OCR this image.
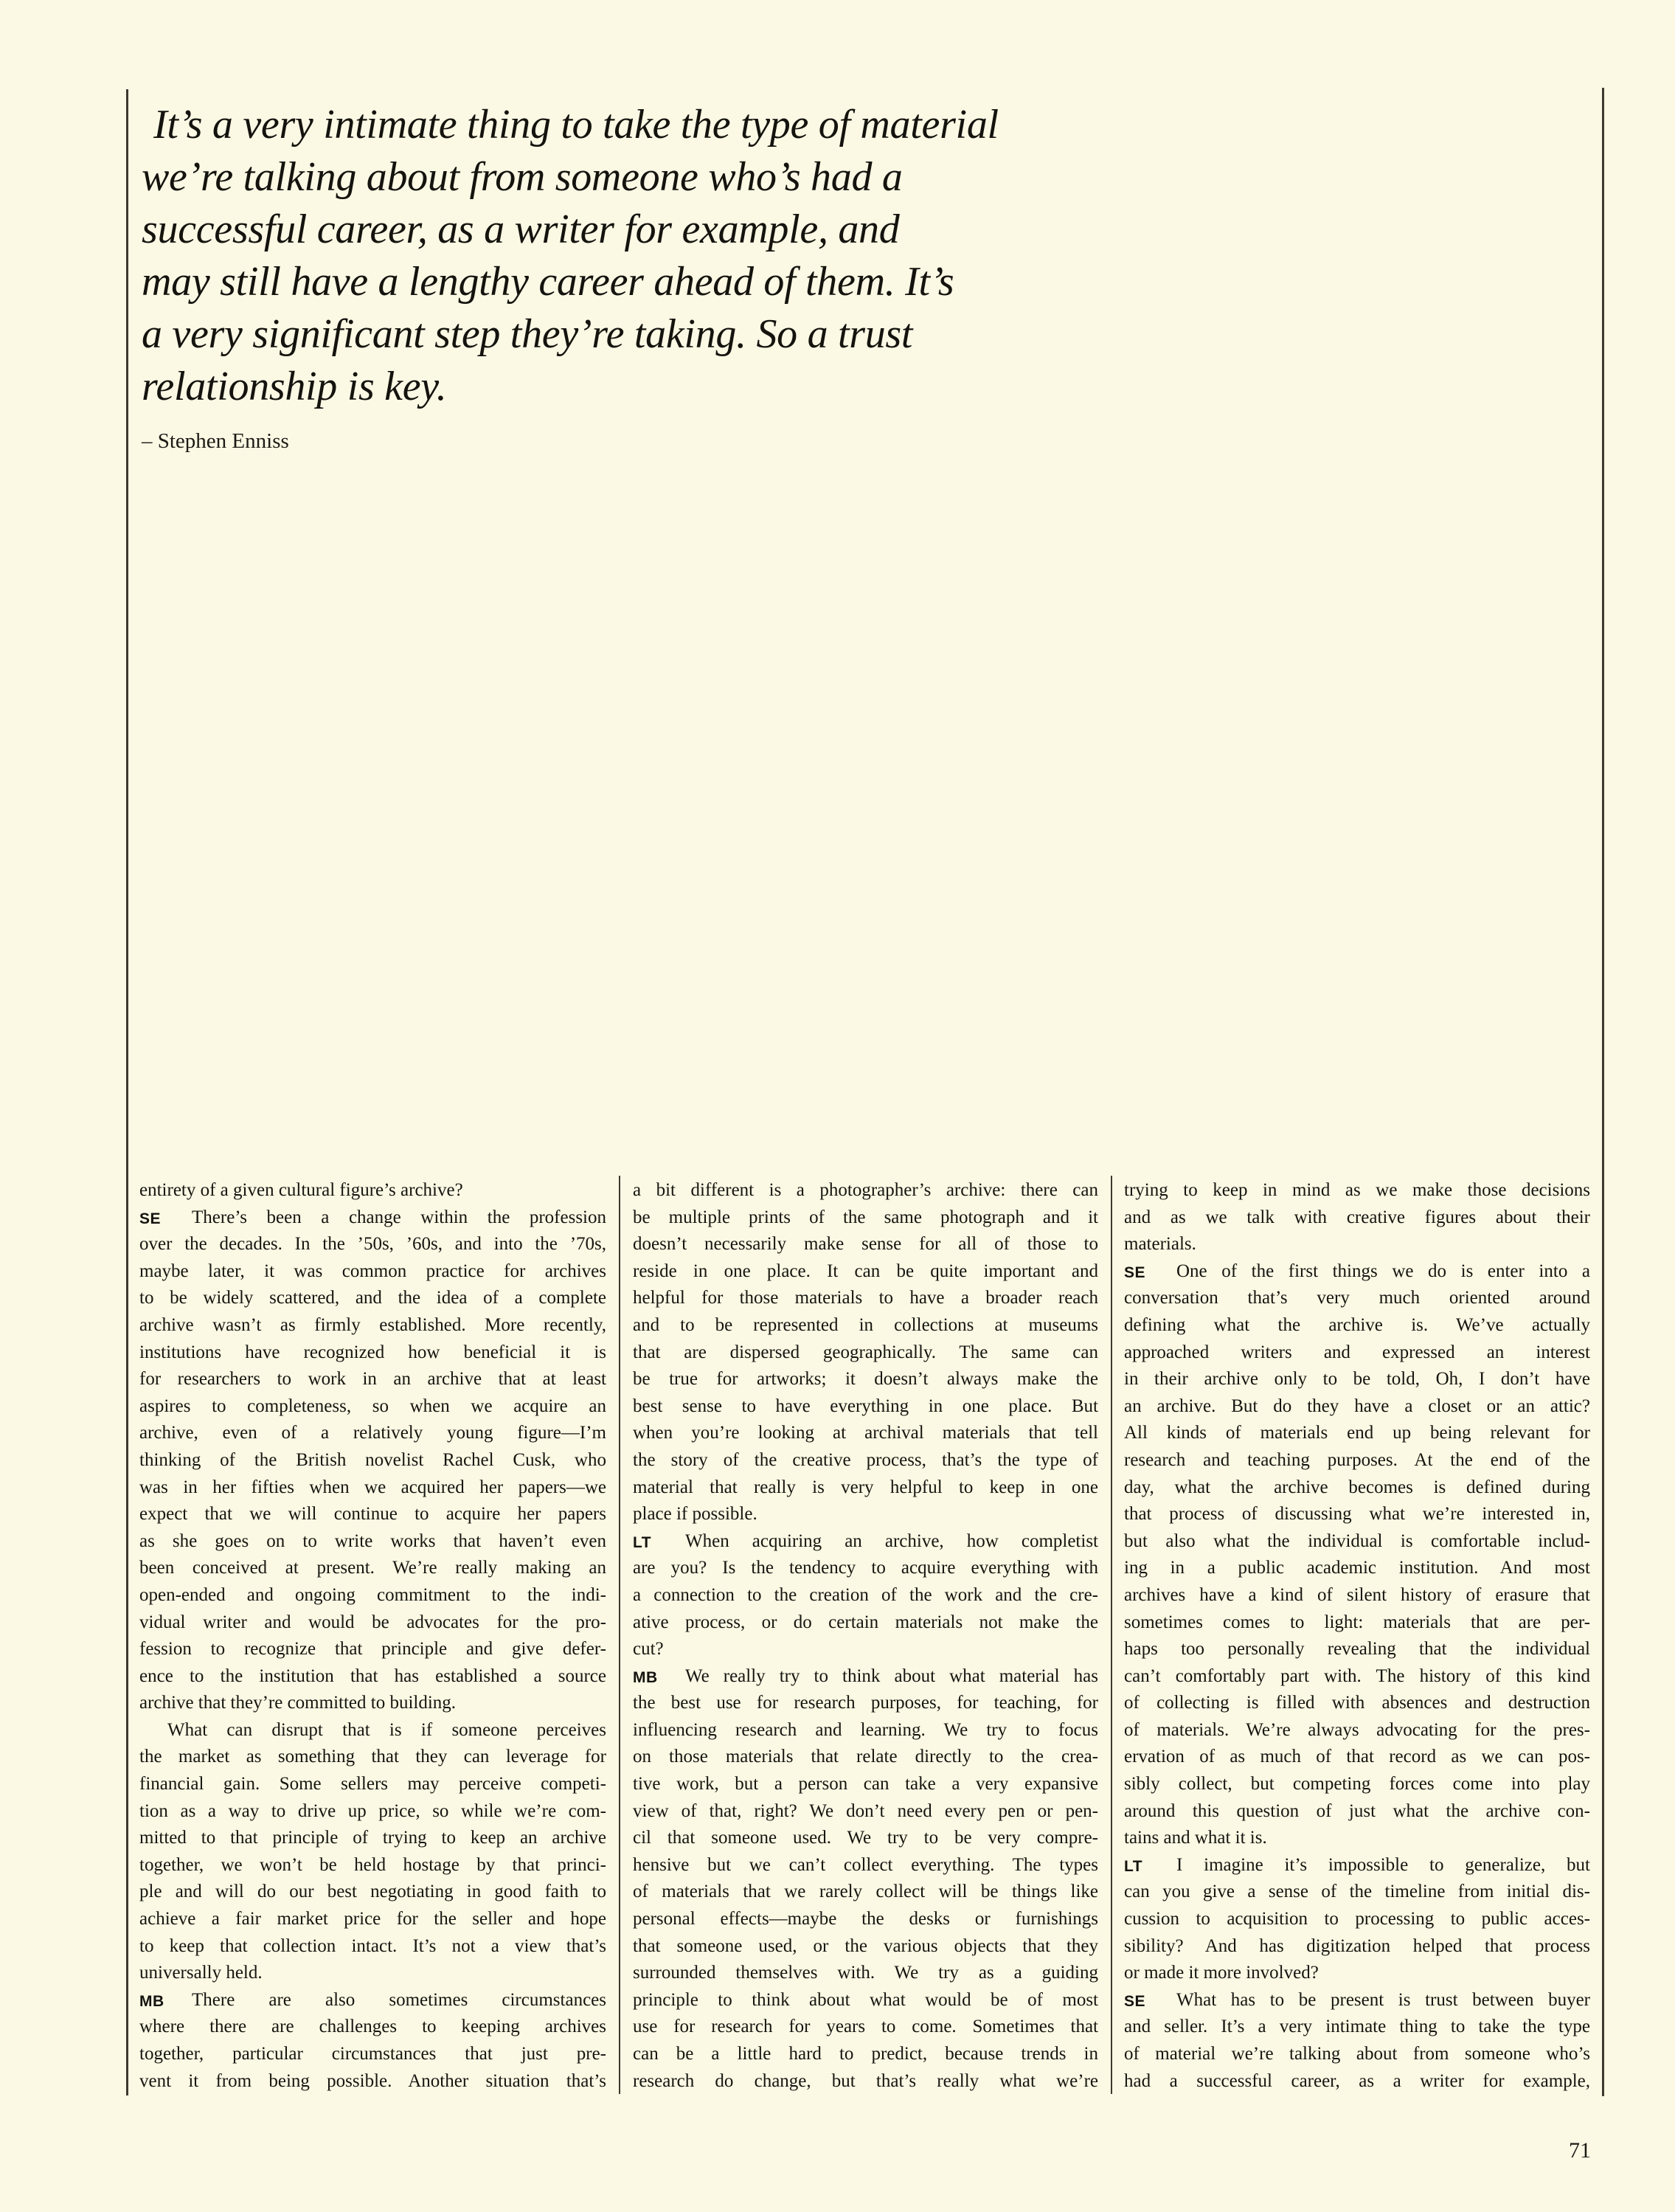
It’s a very intimate thing to take the type of material
we’re talking about from someone who’s had a
successful career, as a writer for example, and
may still have a lengthy career ahead of them. It’s
a very significant step they’re taking. So a trust
relationship is key.
– Stephen Enniss
entirety of a given cultural figure’s archive?
SE There’s been a change within the profession
over the decades. In the ’50s, ’60s, and into the ’70s,
maybe later, it was common practice for archives
to be widely scattered, and the idea of a complete
archive wasn’t as firmly established. More recently,
institutions have recognized how beneficial it is
for researchers to work in an archive that at least
aspires to completeness, so when we acquire an
archive, even of a relatively young figure—I’m
thinking of the British novelist Rachel Cusk, who
was in her fifties when we acquired her papers—we
expect that we will continue to acquire her papers
as she goes on to write works that haven’t even
been conceived at present. We’re really making an
open-ended and ongoing commitment to the indi-
vidual writer and would be advocates for the pro-
fession to recognize that principle and give defer-
ence to the institution that has established a source
archive that they’re committed to building.
What can disrupt that is if someone perceives
the market as something that they can leverage for
financial gain. Some sellers may perceive competi-
tion as a way to drive up price, so while we’re com-
mitted to that principle of trying to keep an archive
together, we won’t be held hostage by that princi-
ple and will do our best negotiating in good faith to
achieve a fair market price for the seller and hope
to keep that collection intact. It’s not a view that’s
universally held.
MB There are also sometimes circumstances
where there are challenges to keeping archives
together, particular circumstances that just pre-
vent it from being possible. Another situation that’s
a bit different is a photographer’s archive: there can
be multiple prints of the same photograph and it
doesn’t necessarily make sense for all of those to
reside in one place. It can be quite important and
helpful for those materials to have a broader reach
and to be represented in collections at museums
that are dispersed geographically. The same can
be true for artworks; it doesn’t always make the
best sense to have everything in one place. But
when you’re looking at archival materials that tell
the story of the creative process, that’s the type of
material that really is very helpful to keep in one
place if possible.
LT When acquiring an archive, how completist
are you? Is the tendency to acquire everything with
a connection to the creation of the work and the cre-
ative process, or do certain materials not make the
cut?
MB We really try to think about what material has
the best use for research purposes, for teaching, for
influencing research and learning. We try to focus
on those materials that relate directly to the crea-
tive work, but a person can take a very expansive
view of that, right? We don’t need every pen or pen-
cil that someone used. We try to be very compre-
hensive but we can’t collect everything. The types
of materials that we rarely collect will be things like
personal effects—maybe the desks or furnishings
that someone used, or the various objects that they
surrounded themselves with. We try as a guiding
principle to think about what would be of most
use for research for years to come. Sometimes that
can be a little hard to predict, because trends in
research do change, but that’s really what we’re
trying to keep in mind as we make those decisions
and as we talk with creative figures about their
materials.
SE One of the first things we do is enter into a
conversation that’s very much oriented around
defining what the archive is. We’ve actually
approached writers and expressed an interest
in their archive only to be told, Oh, I don’t have
an archive. But do they have a closet or an attic?
All kinds of materials end up being relevant for
research and teaching purposes. At the end of the
day, what the archive becomes is defined during
that process of discussing what we’re interested in,
but also what the individual is comfortable includ-
ing in a public academic institution. And most
archives have a kind of silent history of erasure that
sometimes comes to light: materials that are per-
haps too personally revealing that the individual
can’t comfortably part with. The history of this kind
of collecting is filled with absences and destruction
of materials. We’re always advocating for the pres-
ervation of as much of that record as we can pos-
sibly collect, but competing forces come into play
around this question of just what the archive con-
tains and what it is.
LT I imagine it’s impossible to generalize, but
can you give a sense of the timeline from initial dis-
cussion to acquisition to processing to public acces-
sibility? And has digitization helped that process
or made it more involved?
SE What has to be present is trust between buyer
and seller. It’s a very intimate thing to take the type
of material we’re talking about from someone who’s
had a successful career, as a writer for example,
71
